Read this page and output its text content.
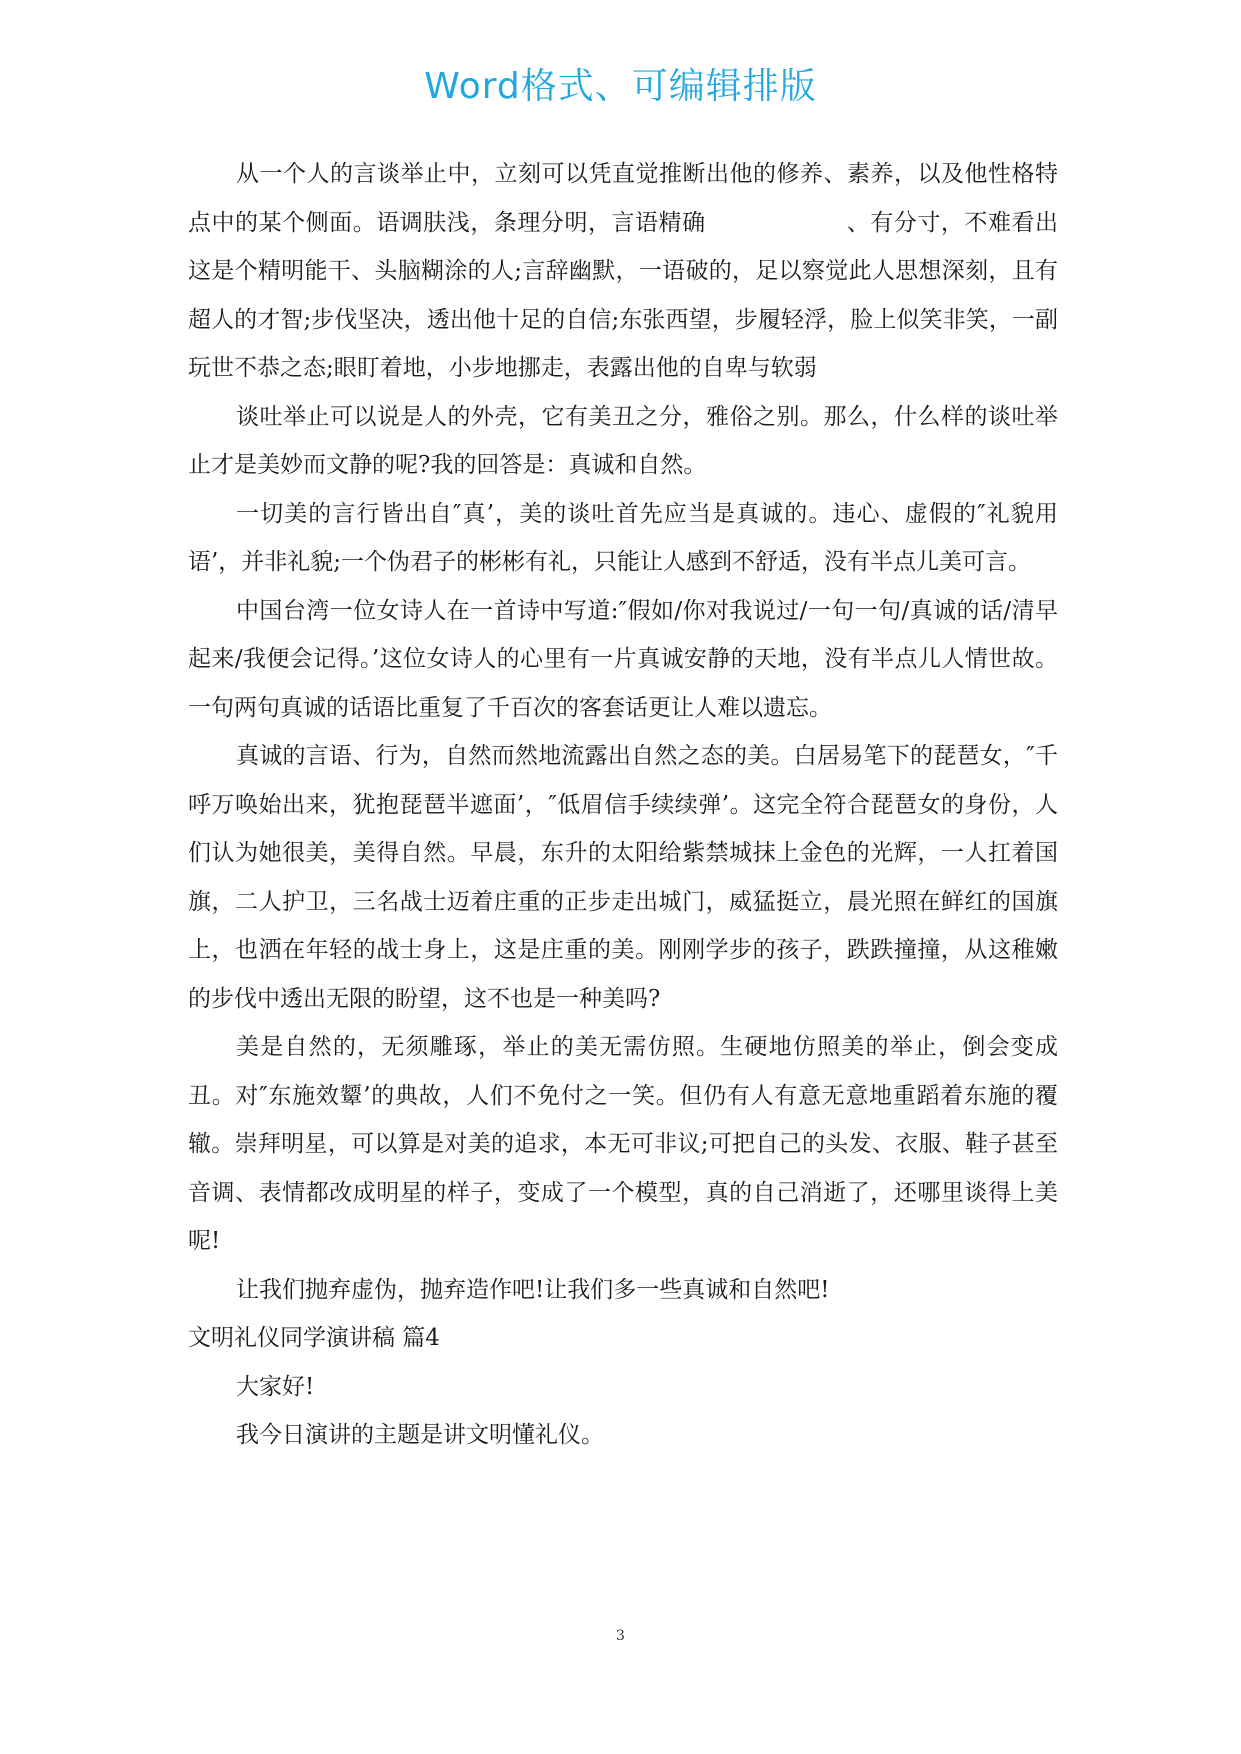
Word格式、可编辑排版

从一个人的言谈举止中，立刻可以凭直觉推断出他的修养、素养，以及他性格特点中的某个侧面。语调肤浅，条理分明，言语精确　　　　　　、有分寸，不难看出这是个精明能干、头脑糊涂的人;言辞幽默，一语破的，足以察觉此人思想深刻，且有超人的才智;步伐坚决，透出他十足的自信;东张西望，步履轻浮，脸上似笑非笑，一副玩世不恭之态;眼盯着地，小步地挪走，表露出他的自卑与软弱

谈吐举止可以说是人的外壳，它有美丑之分，雅俗之别。那么，什么样的谈吐举止才是美妙而文静的呢?我的回答是：真诚和自然。

一切美的言行皆出自″真’，美的谈吐首先应当是真诚的。违心、虚假的″礼貌用语’，并非礼貌;一个伪君子的彬彬有礼，只能让人感到不舒适，没有半点儿美可言。

中国台湾一位女诗人在一首诗中写道:″假如/你对我说过/一句一句/真诚的话/清早起来/我便会记得。’这位女诗人的心里有一片真诚安静的天地，没有半点儿人情世故。一句两句真诚的话语比重复了千百次的客套话更让人难以遗忘。

真诚的言语、行为，自然而然地流露出自然之态的美。白居易笔下的琵琶女，″千呼万唤始出来，犹抱琵琶半遮面’，″低眉信手续续弹’。这完全符合琵琶女的身份，人们认为她很美，美得自然。早晨，东升的太阳给紫禁城抹上金色的光辉，一人扛着国旗，二人护卫，三名战士迈着庄重的正步走出城门，威猛挺立，晨光照在鲜红的国旗上，也洒在年轻的战士身上，这是庄重的美。刚刚学步的孩子，跌跌撞撞，从这稚嫩的步伐中透出无限的盼望，这不也是一种美吗?

美是自然的，无须雕琢，举止的美无需仿照。生硬地仿照美的举止，倒会变成丑。对″东施效颦’的典故，人们不免付之一笑。但仍有人有意无意地重蹈着东施的覆辙。崇拜明星，可以算是对美的追求，本无可非议;可把自己的头发、衣服、鞋子甚至音调、表情都改成明星的样子，变成了一个模型，真的自己消逝了，还哪里谈得上美呢!

让我们抛弃虚伪，抛弃造作吧!让我们多一些真诚和自然吧!

文明礼仪同学演讲稿 篇4

大家好!

我今日演讲的主题是讲文明懂礼仪。

3
